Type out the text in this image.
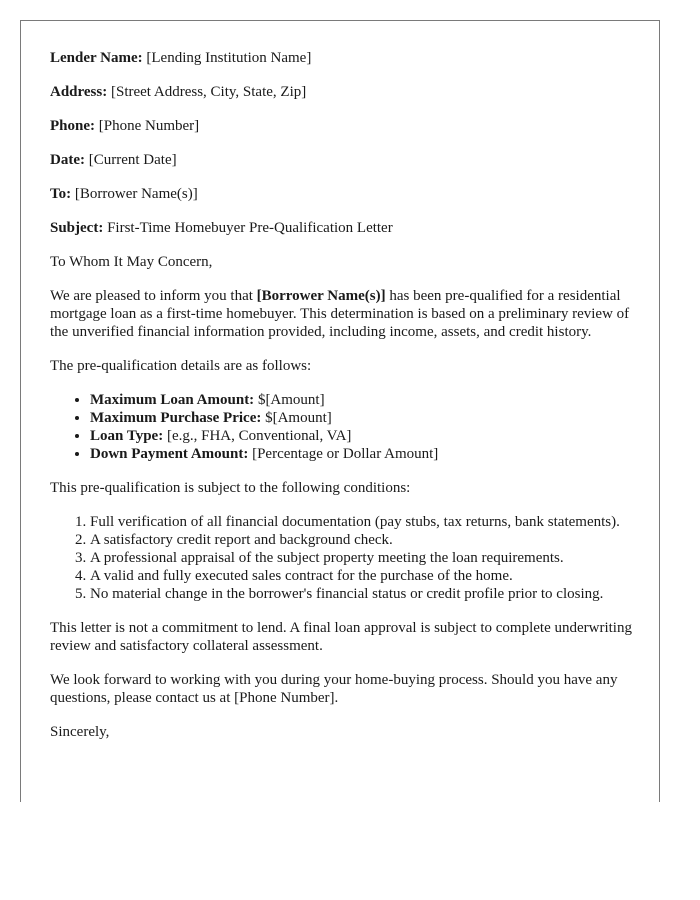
Lender Name: [Lending Institution Name]
Address: [Street Address, City, State, Zip]
Phone: [Phone Number]
Date: [Current Date]
To: [Borrower Name(s)]
Subject: First-Time Homebuyer Pre-Qualification Letter

To Whom It May Concern,

We are pleased to inform you that [Borrower Name(s)] has been pre-qualified for a residential mortgage loan as a first-time homebuyer. This determination is based on a preliminary review of the unverified financial information provided, including income, assets, and credit history.

The pre-qualification details are as follows:

• Maximum Loan Amount: $[Amount]
• Maximum Purchase Price: $[Amount]
• Loan Type: [e.g., FHA, Conventional, VA]
• Down Payment Amount: [Percentage or Dollar Amount]

This pre-qualification is subject to the following conditions:

1. Full verification of all financial documentation (pay stubs, tax returns, bank statements).
2. A satisfactory credit report and background check.
3. A professional appraisal of the subject property meeting the loan requirements.
4. A valid and fully executed sales contract for the purchase of the home.
5. No material change in the borrower's financial status or credit profile prior to closing.

This letter is not a commitment to lend. A final loan approval is subject to complete underwriting review and satisfactory collateral assessment.

We look forward to working with you during your home-buying process. Should you have any questions, please contact us at [Phone Number].

Sincerely,
